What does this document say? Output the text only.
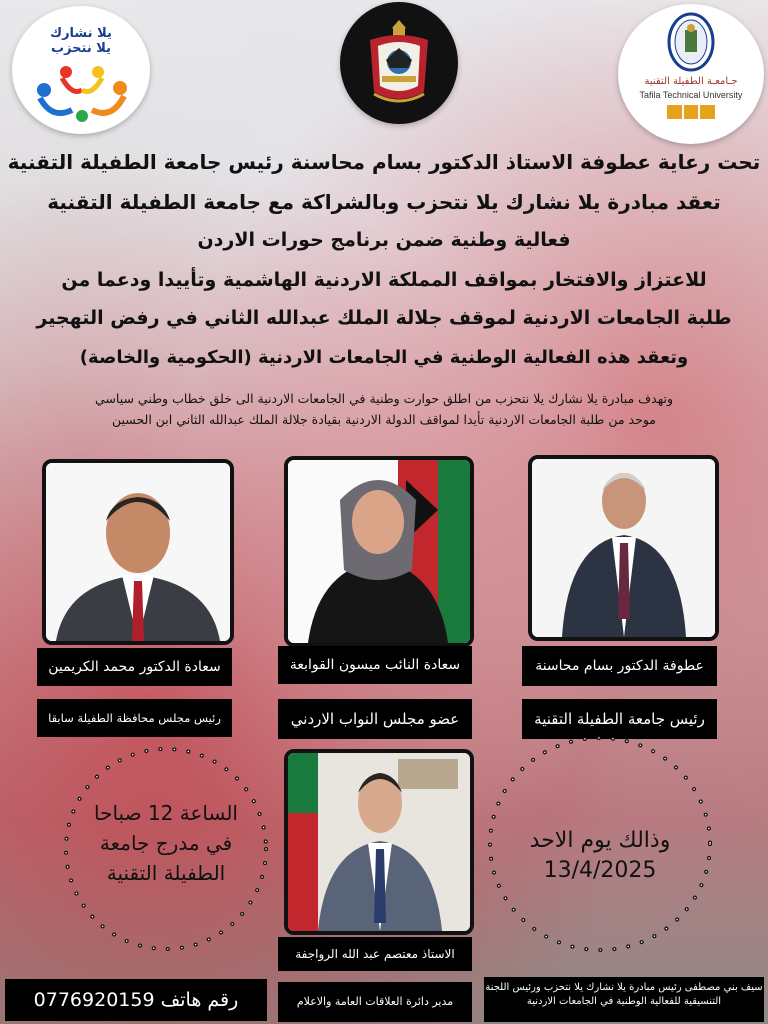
يلا نشارك
يلا نتحزب
جـامعـة الطفيلة التقنية
Tafila Technical University
تحت رعاية عطوفة الاستاذ الدكتور بسام محاسنة رئيس جامعة الطفيلة التقنية
تعقد مبادرة يلا نشارك يلا نتحزب وبالشراكة مع جامعة الطفيلة التقنية
فعالية وطنية ضمن برنامج حورات الاردن
للاعتزاز والافتخار بمواقف المملكة الاردنية الهاشمية وتأييدا ودعما من
طلبة الجامعات الاردنية لموقف جلالة الملك عبدالله الثاني في رفض التهجير
وتعقد هذه الفعالية الوطنية في الجامعات الاردنية (الحكومية والخاصة)
وتهدف مبادرة يلا نشارك يلا نتحزب من اطلق حوارت وطنية في الجامعات الاردنية الى خلق خطاب وطني سياسي
موحد من طلبة الجامعات الاردنية تأيدا لمواقف الدولة الاردنية بقيادة جلالة الملك عبدالله الثاني ابن الحسين
سعادة الدكتور محمد الكريمين	سعادة النائب ميسون القوابعة	عطوفة الدكتور بسام محاسنة
رئيس مجلس محافظة الطفيلة سابقا	عضو مجلس النواب الاردني	رئيس جامعة الطفيلة التقنية
الاستاذ معتصم عبد الله الرواجفة
مدير دائرة العلاقات العامة والاعلام
رقم هاتف 0776920159
سيف بني مصطفى رئيس مبادرة يلا نشارك يلا نتحزب ورئيس اللجنة التنسيقية للفعالية الوطنية في الجامعات الاردنية
الساعة 12 صباحا
في مدرج جامعة
الطفيلة التقنية
وذالك يوم الاحد
13/4/2025
